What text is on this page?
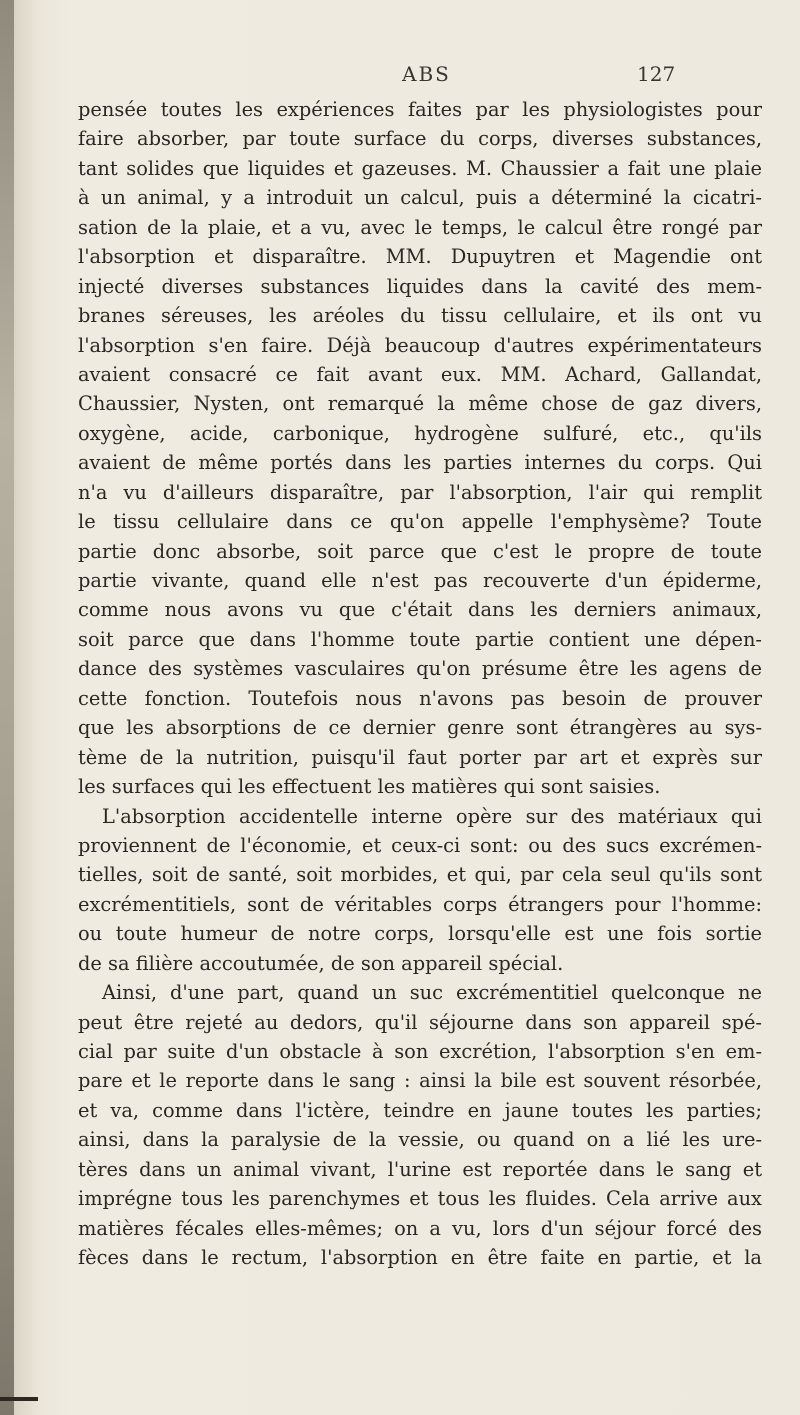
ABS	127
pensée toutes les expériences faites par les physiologistes pour
faire absorber, par toute surface du corps, diverses substances,
tant solides que liquides et gazeuses. M. Chaussier a fait une plaie
à un animal, y a introduit un calcul, puis a déterminé la cicatri-
sation de la plaie, et a vu, avec le temps, le calcul être rongé par
l'absorption et disparaître. MM. Dupuytren et Magendie ont
injecté diverses substances liquides dans la cavité des mem-
branes séreuses, les aréoles du tissu cellulaire, et ils ont vu
l'absorption s'en faire. Déjà beaucoup d'autres expérimentateurs
avaient consacré ce fait avant eux. MM. Achard, Gallandat,
Chaussier, Nysten, ont remarqué la même chose de gaz divers,
oxygène, acide, carbonique, hydrogène sulfuré, etc., qu'ils
avaient de même portés dans les parties internes du corps. Qui
n'a vu d'ailleurs disparaître, par l'absorption, l'air qui remplit
le tissu cellulaire dans ce qu'on appelle l'emphysème? Toute
partie donc absorbe, soit parce que c'est le propre de toute
partie vivante, quand elle n'est pas recouverte d'un épiderme,
comme nous avons vu que c'était dans les derniers animaux,
soit parce que dans l'homme toute partie contient une dépen-
dance des systèmes vasculaires qu'on présume être les agens de
cette fonction. Toutefois nous n'avons pas besoin de prouver
que les absorptions de ce dernier genre sont étrangères au sys-
tème de la nutrition, puisqu'il faut porter par art et exprès sur
les surfaces qui les effectuent les matières qui sont saisies.
L'absorption accidentelle interne opère sur des matériaux qui
proviennent de l'économie, et ceux-ci sont: ou des sucs excrémen-
tielles, soit de santé, soit morbides, et qui, par cela seul qu'ils sont
excrémentitiels, sont de véritables corps étrangers pour l'homme:
ou toute humeur de notre corps, lorsqu'elle est une fois sortie
de sa filière accoutumée, de son appareil spécial.
Ainsi, d'une part, quand un suc excrémentitiel quelconque ne
peut être rejeté au dedors, qu'il séjourne dans son appareil spé-
cial par suite d'un obstacle à son excrétion, l'absorption s'en em-
pare et le reporte dans le sang : ainsi la bile est souvent résorbée,
et va, comme dans l'ictère, teindre en jaune toutes les parties;
ainsi, dans la paralysie de la vessie, ou quand on a lié les ure-
tères dans un animal vivant, l'urine est reportée dans le sang et
imprégne tous les parenchymes et tous les fluides. Cela arrive aux
matières fécales elles-mêmes; on a vu, lors d'un séjour forcé des
fèces dans le rectum, l'absorption en être faite en partie, et la
